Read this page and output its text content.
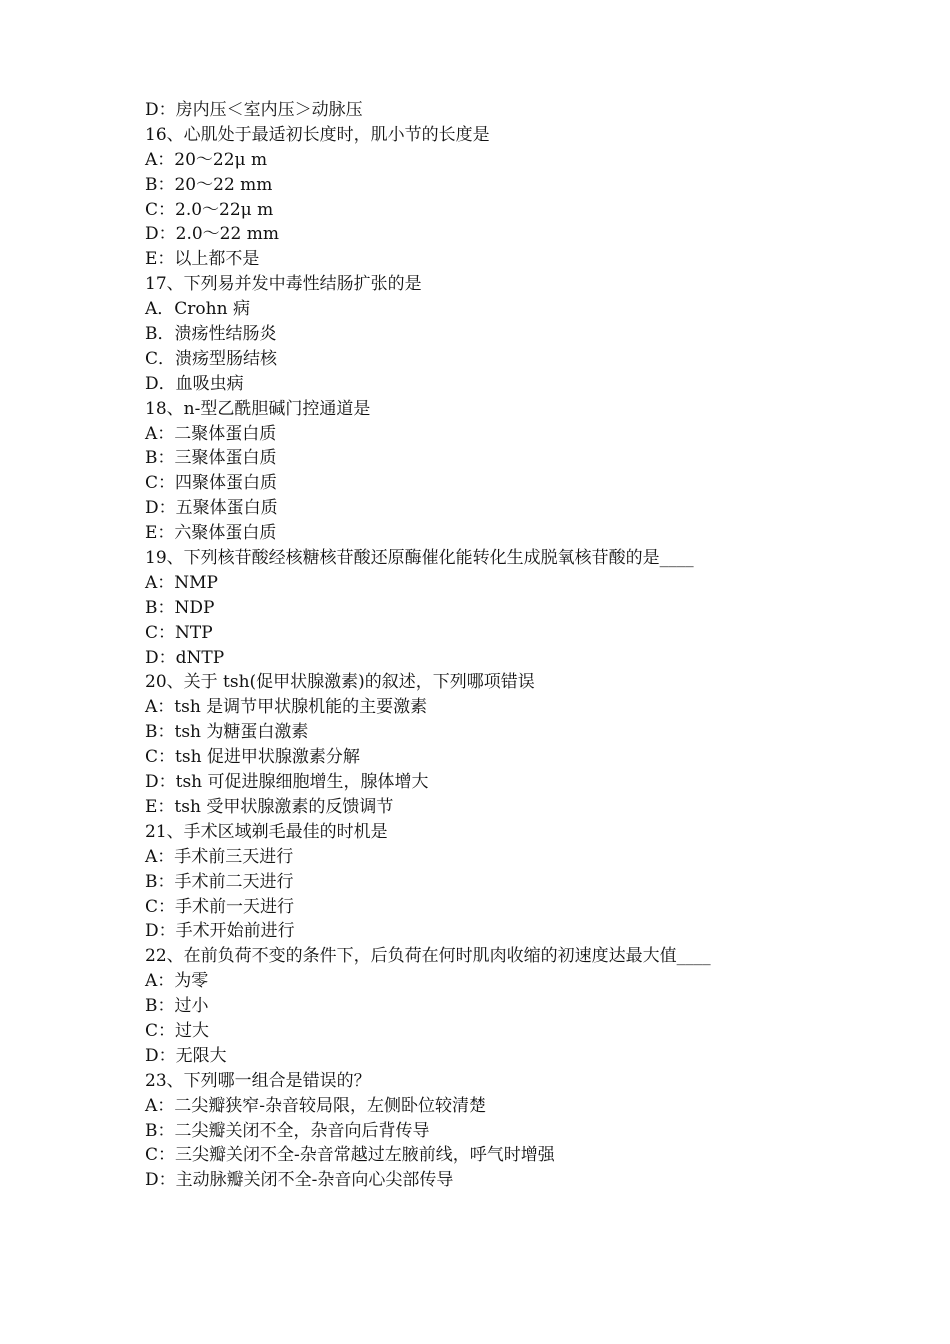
D：房内压＜室内压＞动脉压
16、心肌处于最适初长度时，肌小节的长度是
A：20～22μ m
B：20～22 mm
C：2.0～22μ m
D：2.0～22 mm
E：以上都不是
17、下列易并发中毒性结肠扩张的是
A．Crohn 病
B．溃疡性结肠炎
C．溃疡型肠结核
D．血吸虫病
18、n-型乙酰胆碱门控通道是
A：二聚体蛋白质
B：三聚体蛋白质
C：四聚体蛋白质
D：五聚体蛋白质
E：六聚体蛋白质
19、下列核苷酸经核糖核苷酸还原酶催化能转化生成脱氧核苷酸的是____
A：NMP
B：NDP
C：NTP
D：dNTP
20、关于 tsh(促甲状腺激素)的叙述，下列哪项错误
A：tsh 是调节甲状腺机能的主要激素
B：tsh 为糖蛋白激素
C：tsh 促进甲状腺激素分解
D：tsh 可促进腺细胞增生，腺体增大
E：tsh 受甲状腺激素的反馈调节
21、手术区域剃毛最佳的时机是
A：手术前三天进行
B：手术前二天进行
C：手术前一天进行
D：手术开始前进行
22、在前负荷不变的条件下，后负荷在何时肌肉收缩的初速度达最大值____
A：为零
B：过小
C：过大
D：无限大
23、下列哪一组合是错误的？
A：二尖瓣狭窄-杂音较局限，左侧卧位较清楚
B：二尖瓣关闭不全，杂音向后背传导
C：三尖瓣关闭不全-杂音常越过左腋前线，呼气时增强
D：主动脉瓣关闭不全-杂音向心尖部传导
